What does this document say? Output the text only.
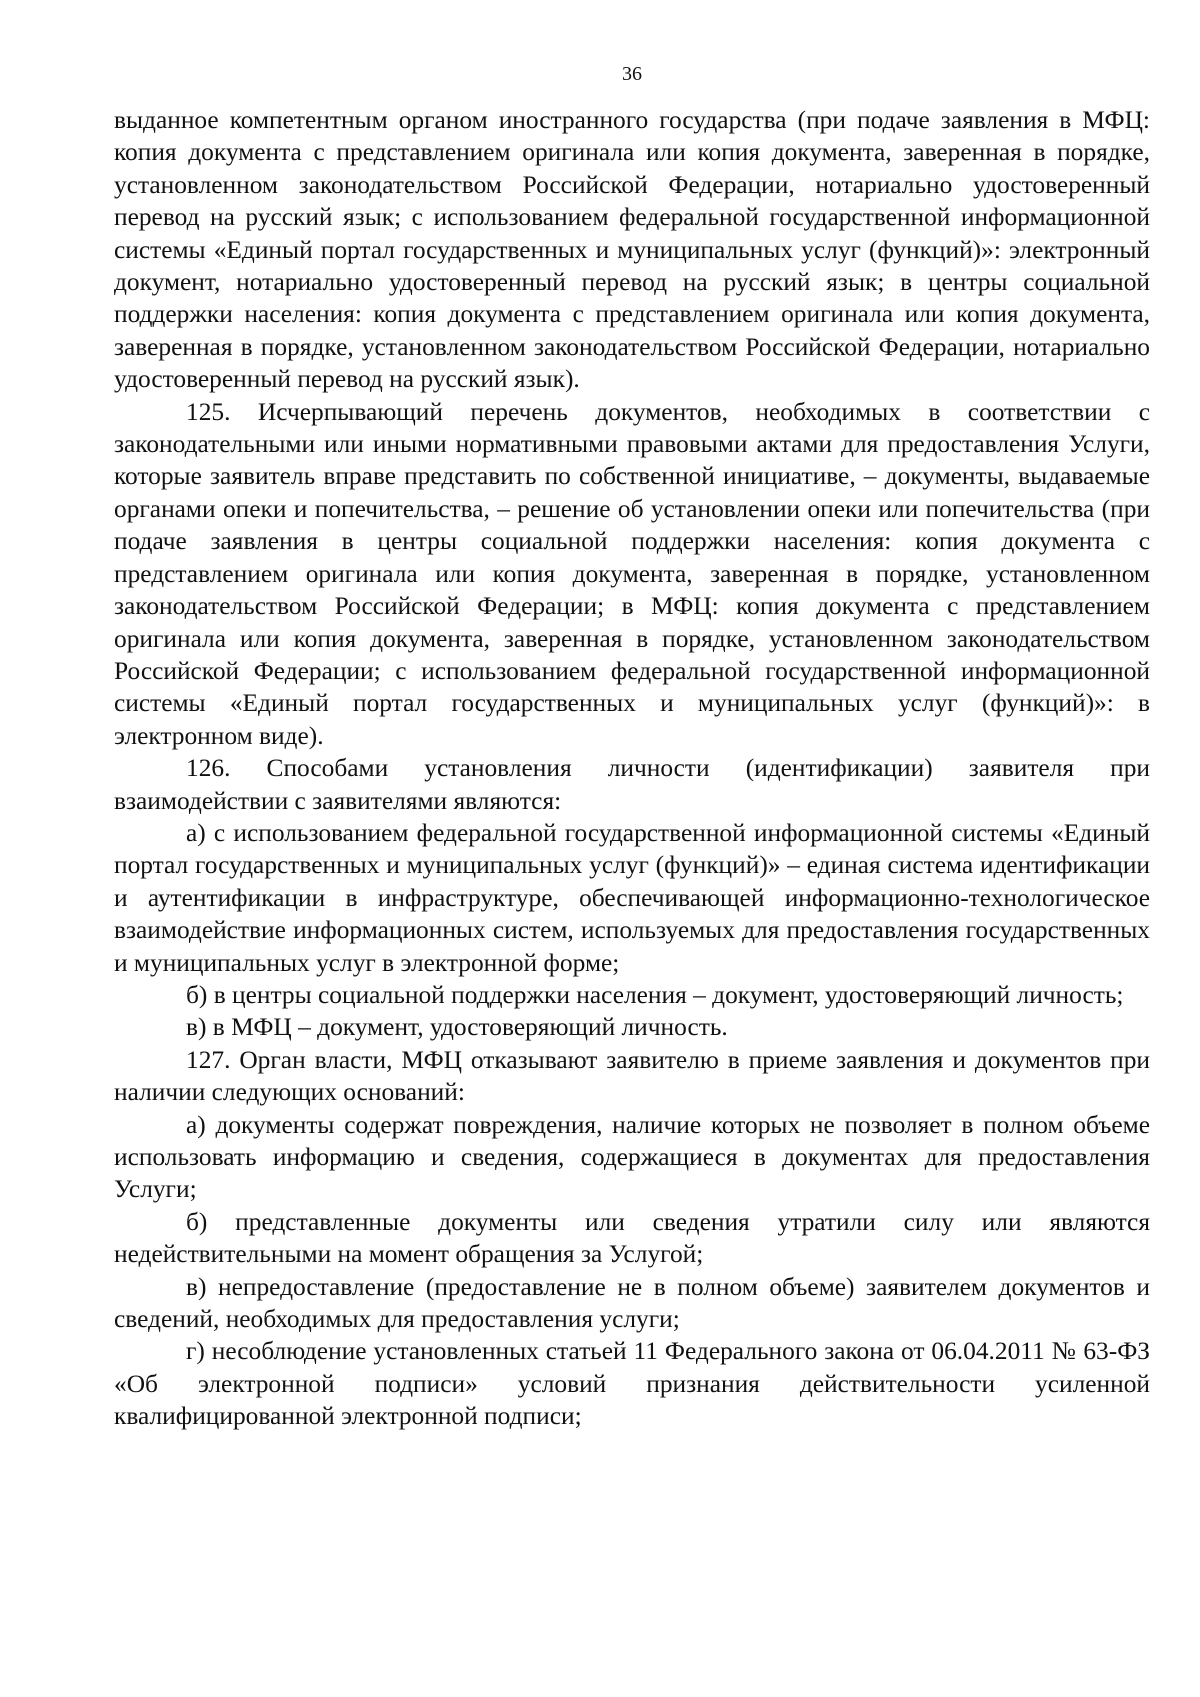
36

выданное компетентным органом иностранного государства (при подаче заявления в МФЦ: копия документа с представлением оригинала или копия документа, заверенная в порядке, установленном законодательством Российской Федерации, нотариально удостоверенный перевод на русский язык; с использованием федеральной государственной информационной системы «Единый портал государственных и муниципальных услуг (функций)»: электронный документ, нотариально удостоверенный перевод на русский язык; в центры социальной поддержки населения: копия документа с представлением оригинала или копия документа, заверенная в порядке, установленном законодательством Российской Федерации, нотариально удостоверенный перевод на русский язык).

125. Исчерпывающий перечень документов, необходимых в соответствии с законодательными или иными нормативными правовыми актами для предоставления Услуги, которые заявитель вправе представить по собственной инициативе, – документы, выдаваемые органами опеки и попечительства, – решение об установлении опеки или попечительства (при подаче заявления в центры социальной поддержки населения: копия документа с представлением оригинала или копия документа, заверенная в порядке, установленном законодательством Российской Федерации; в МФЦ: копия документа с представлением оригинала или копия документа, заверенная в порядке, установленном законодательством Российской Федерации; с использованием федеральной государственной информационной системы «Единый портал государственных и муниципальных услуг (функций)»: в электронном виде).

126. Способами установления личности (идентификации) заявителя при взаимодействии с заявителями являются:

а) с использованием федеральной государственной информационной системы «Единый портал государственных и муниципальных услуг (функций)» – единая система идентификации и аутентификации в инфраструктуре, обеспечивающей информационно-технологическое взаимодействие информационных систем, используемых для предоставления государственных и муниципальных услуг в электронной форме;

б) в центры социальной поддержки населения – документ, удостоверяющий личность;

в) в МФЦ – документ, удостоверяющий личность.

127. Орган власти, МФЦ отказывают заявителю в приеме заявления и документов при наличии следующих оснований:

а) документы содержат повреждения, наличие которых не позволяет в полном объеме использовать информацию и сведения, содержащиеся в документах для предоставления Услуги;

б) представленные документы или сведения утратили силу или являются недействительными на момент обращения за Услугой;

в) непредоставление (предоставление не в полном объеме) заявителем документов и сведений, необходимых для предоставления услуги;

г) несоблюдение установленных статьей 11 Федерального закона от 06.04.2011 № 63-ФЗ «Об электронной подписи» условий признания действительности усиленной квалифицированной электронной подписи;
